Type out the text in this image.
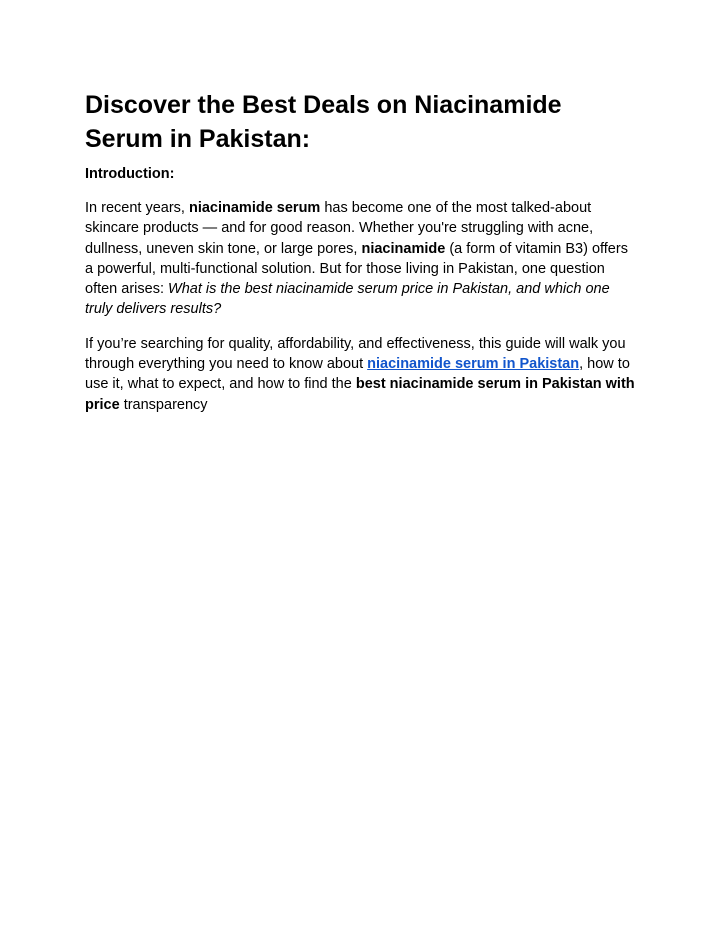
Discover the Best Deals on Niacinamide Serum in Pakistan:
Introduction:

In recent years, niacinamide serum has become one of the most talked-about skincare products — and for good reason. Whether you're struggling with acne, dullness, uneven skin tone, or large pores, niacinamide (a form of vitamin B3) offers a powerful, multi-functional solution. But for those living in Pakistan, one question often arises: What is the best niacinamide serum price in Pakistan, and which one truly delivers results?

If you’re searching for quality, affordability, and effectiveness, this guide will walk you through everything you need to know about niacinamide serum in Pakistan, how to use it, what to expect, and how to find the best niacinamide serum in Pakistan with price transparency
